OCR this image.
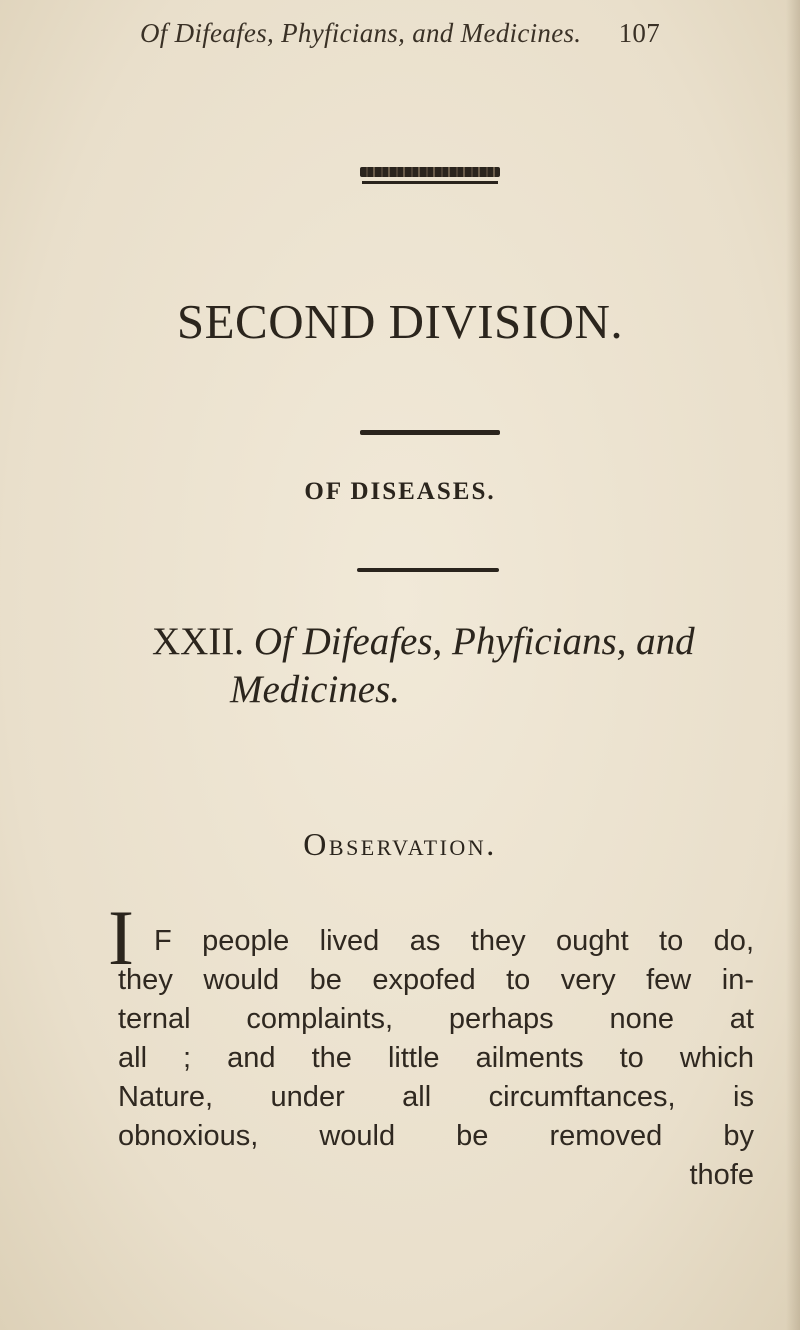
Of Difeafes, Phyficians, and Medicines. 107
SECOND DIVISION.
OF DISEASES.
XXII. Of Difeafes, Phyficians, and
Medicines.
Observation.
I F people lived as they ought to do,
they would be expofed to very few in-
ternal complaints, perhaps none at
all ; and the little ailments to which
Nature, under all circumftances, is
obnoxious, would be removed by
thofe
